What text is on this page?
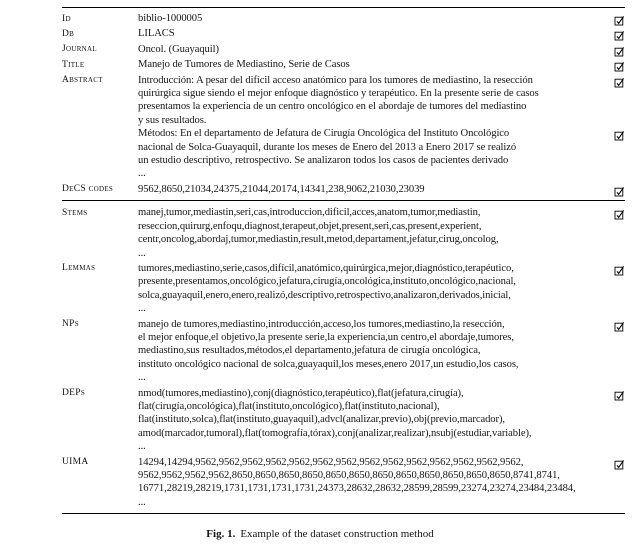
Id	biblio-1000005
Db	LILACS
Journal	Oncol. (Guayaquil)
Title	Manejo de Tumores de Mediastino, Serie de Casos
Abstract	Introducción: A pesar del difícil acceso anatómico para los tumores de mediastino, la resección
quirúrgica sigue siendo el mejor enfoque diagnóstico y terapéutico. En la presente serie de casos
presentamos la experiencia de un centro oncológico en el abordaje de tumores del mediastino
y sus resultados.
Métodos: En el departamento de Jefatura de Cirugía Oncológica del Instituto Oncológico
nacional de Solca-Guayaquil, durante los meses de Enero del 2013 a Enero 2017 se realizó
un estudio descriptivo, retrospectivo. Se analizaron todos los casos de pacientes derivado
...
DeCS codes	9562,8650,21034,24375,21044,20174,14341,238,9062,21030,23039
Stems	manej,tumor,mediastin,seri,cas,introduccion,dificil,acces,anatom,tumor,mediastin,
reseccion,quirurg,enfoqu,diagnost,terapeut,objet,present,seri,cas,present,experient,
centr,oncolog,abordaj,tumor,mediastin,result,metod,departament,jefatur,cirug,oncolog,
...
Lemmas	tumores,mediastino,serie,casos,difícil,anatómico,quirúrgica,mejor,diagnóstico,terapéutico,
presente,presentamos,oncológico,jefatura,cirugía,oncológica,instituto,oncológico,nacional,
solca,guayaquil,enero,enero,realizó,descriptivo,retrospectivo,analizaron,derivados,inicial,
...
NPs	manejo de tumores,mediastino,introducción,acceso,los tumores,mediastino,la resección,
el mejor enfoque,el objetivo,la presente serie,la experiencia,un centro,el abordaje,tumores,
mediastino,sus resultados,métodos,el departamento,jefatura de cirugía oncológica,
instituto oncológico nacional de solca,guayaquil,los meses,enero 2017,un estudio,los casos,
...
DEPs	nmod(tumores,mediastino),conj(diagnóstico,terapéutico),flat(jefatura,cirugía),
flat(cirugía,oncológica),flat(instituto,oncológico),flat(instituto,nacional),
flat(instituto,solca),flat(instituto,guayaquil),advcl(analizar,previo),obj(previo,marcador),
amod(marcador,tumoral),flat(tomografía,tórax),conj(analizar,realizar),nsubj(estudiar,variable),
...
UIMA	14294,14294,9562,9562,9562,9562,9562,9562,9562,9562,9562,9562,9562,9562,9562,9562,
9562,9562,9562,9562,8650,8650,8650,8650,8650,8650,8650,8650,8650,8650,8650,8650,8741,8741,
16771,28219,28219,1731,1731,1731,1731,24373,28632,28632,28599,28599,23274,23274,23484,23484,
...
Fig. 1. Example of the dataset construction method
